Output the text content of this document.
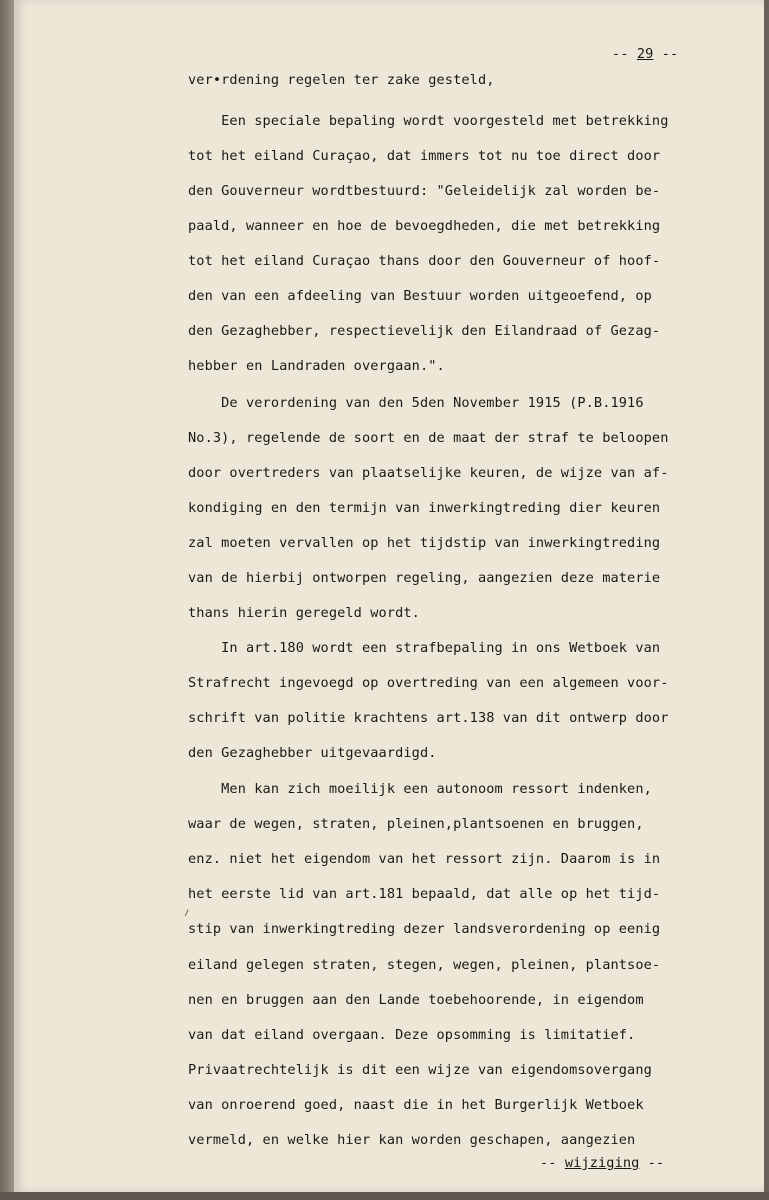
-- 29 --
ver•rdening regelen ter zake gesteld,
Een speciale bepaling wordt voorgesteld met betrekking
tot het eiland Curaçao, dat immers tot nu toe direct door
den Gouverneur wordtbestuurd: "Geleidelijk zal worden be-
paald, wanneer en hoe de bevoegdheden, die met betrekking
tot het eiland Curaçao thans door den Gouverneur of hoof-
den van een afdeeling van Bestuur worden uitgeoefend, op
den Gezaghebber, respectievelijk den Eilandraad of Gezag-
hebber en Landraden overgaan.".
De verordening van den 5den November 1915 (P.B.1916
No.3), regelende de soort en de maat der straf te beloopen
door overtreders van plaatselijke keuren, de wijze van af-
kondiging en den termijn van inwerkingtreding dier keuren
zal moeten vervallen op het tijdstip van inwerkingtreding
van de hierbij ontworpen regeling, aangezien deze materie
thans hierin geregeld wordt.
In art.180 wordt een strafbepaling in ons Wetboek van
Strafrecht ingevoegd op overtreding van een algemeen voor-
schrift van politie krachtens art.138 van dit ontwerp door
den Gezaghebber uitgevaardigd.
Men kan zich moeilijk een autonoom ressort indenken,
waar de wegen, straten, pleinen,plantsoenen en bruggen,
enz. niet het eigendom van het ressort zijn. Daarom is in
het eerste lid van art.181 bepaald, dat alle op het tijd-
stip van inwerkingtreding dezer landsverordening op eenig
eiland gelegen straten, stegen, wegen, pleinen, plantsoe-
nen en bruggen aan den Lande toebehoorende, in eigendom
van dat eiland overgaan. Deze opsomming is limitatief.
Privaatrechtelijk is dit een wijze van eigendomsovergang
van onroerend goed, naast die in het Burgerlijk Wetboek
vermeld, en welke hier kan worden geschapen, aangezien
-- wijziging --
